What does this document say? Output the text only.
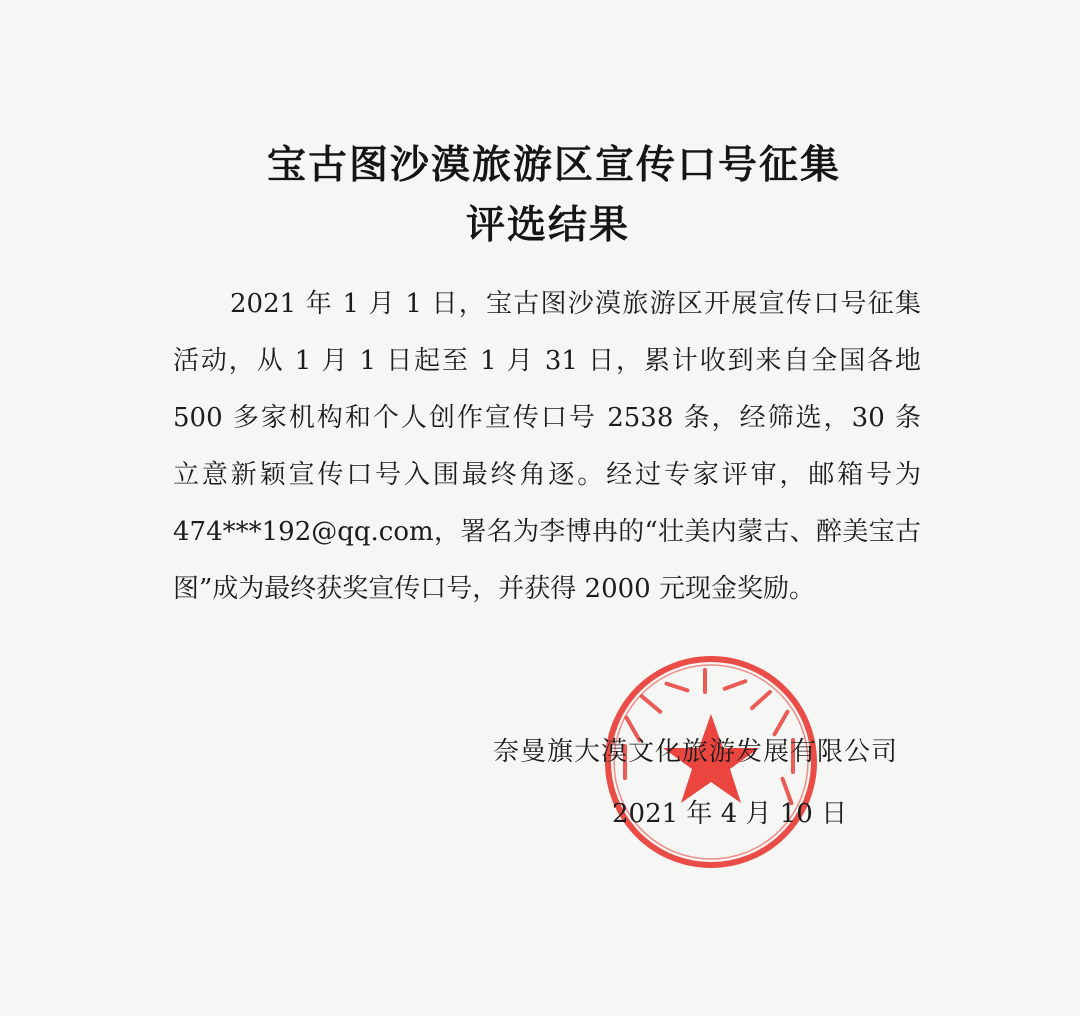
宝古图沙漠旅游区宣传口号征集
评选结果
2021 年 1 月 1 日，宝古图沙漠旅游区开展宣传口号征集
活动，从 1 月 1 日起至 1 月 31 日，累计收到来自全国各地
500 多家机构和个人创作宣传口号 2538 条，经筛选，30 条
立意新颖宣传口号入围最终角逐。经过专家评审，邮箱号为
474***192@qq.com，署名为李博冉的“壮美内蒙古、醉美宝古
图”成为最终获奖宣传口号，并获得 2000 元现金奖励。
奈曼旗大漠文化旅游发展有限公司
2021 年 4 月 10 日
